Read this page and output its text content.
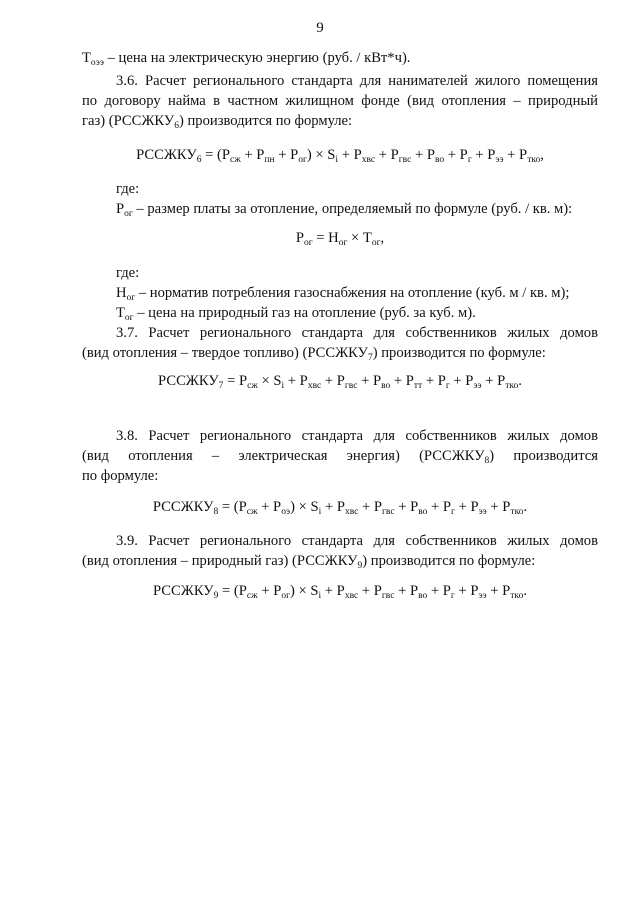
9
$Т_{оээ}$ – цена на электрическую энергию (руб. / кВт*ч).
3.6. Расчет регионального стандарта для нанимателей жилого помещения
по договору найма в частном жилищном фонде (вид отопления – природный
газ) $(РССЖКУ_6)$ производится по формуле:
$РССЖКУ_6 = (Р_{сж} + Р_{пн} + Р_{ог}) \times S_i + Р_{хвс} + Р_{гвс} + Р_{во} + Р_г + Р_{ээ} + Р_{тко}$,
где:
$Р_{ог}$ – размер платы за отопление, определяемый по формуле (руб. / кв. м):
$Р_{ог} = Н_{ог} \times Т_{ог}$,
где:
$Н_{ог}$ – норматив потребления газоснабжения на отопление (куб. м / кв. м);
$Т_{ог}$ – цена на природный газ на отопление (руб. за куб. м).
3.7. Расчет регионального стандарта для собственников жилых домов
(вид отопления – твердое топливо) $(РССЖКУ_7)$ производится по формуле:
$РССЖКУ_7 = Р_{сж} \times S_i + Р_{хвс} + Р_{гвс} + Р_{во} + Р_{тт} + Р_г + Р_{ээ} + Р_{тко}$.
3.8. Расчет регионального стандарта для собственников жилых домов
(вид отопления – электрическая энергия) $(РССЖКУ_8)$ производится
по формуле:
$РССЖКУ_8 = (Р_{сж} + Р_{оэ}) \times S_i + Р_{хвс} + Р_{гвс} + Р_{во} + Р_г + Р_{ээ} + Р_{тко}$.
3.9. Расчет регионального стандарта для собственников жилых домов
(вид отопления – природный газ) $(РССЖКУ_9)$ производится по формуле:
$РССЖКУ_9 = (Р_{сж} + Р_{ог}) \times S_i + Р_{хвс} + Р_{гвс} + Р_{во} + Р_г + Р_{ээ} + Р_{тко}$.
